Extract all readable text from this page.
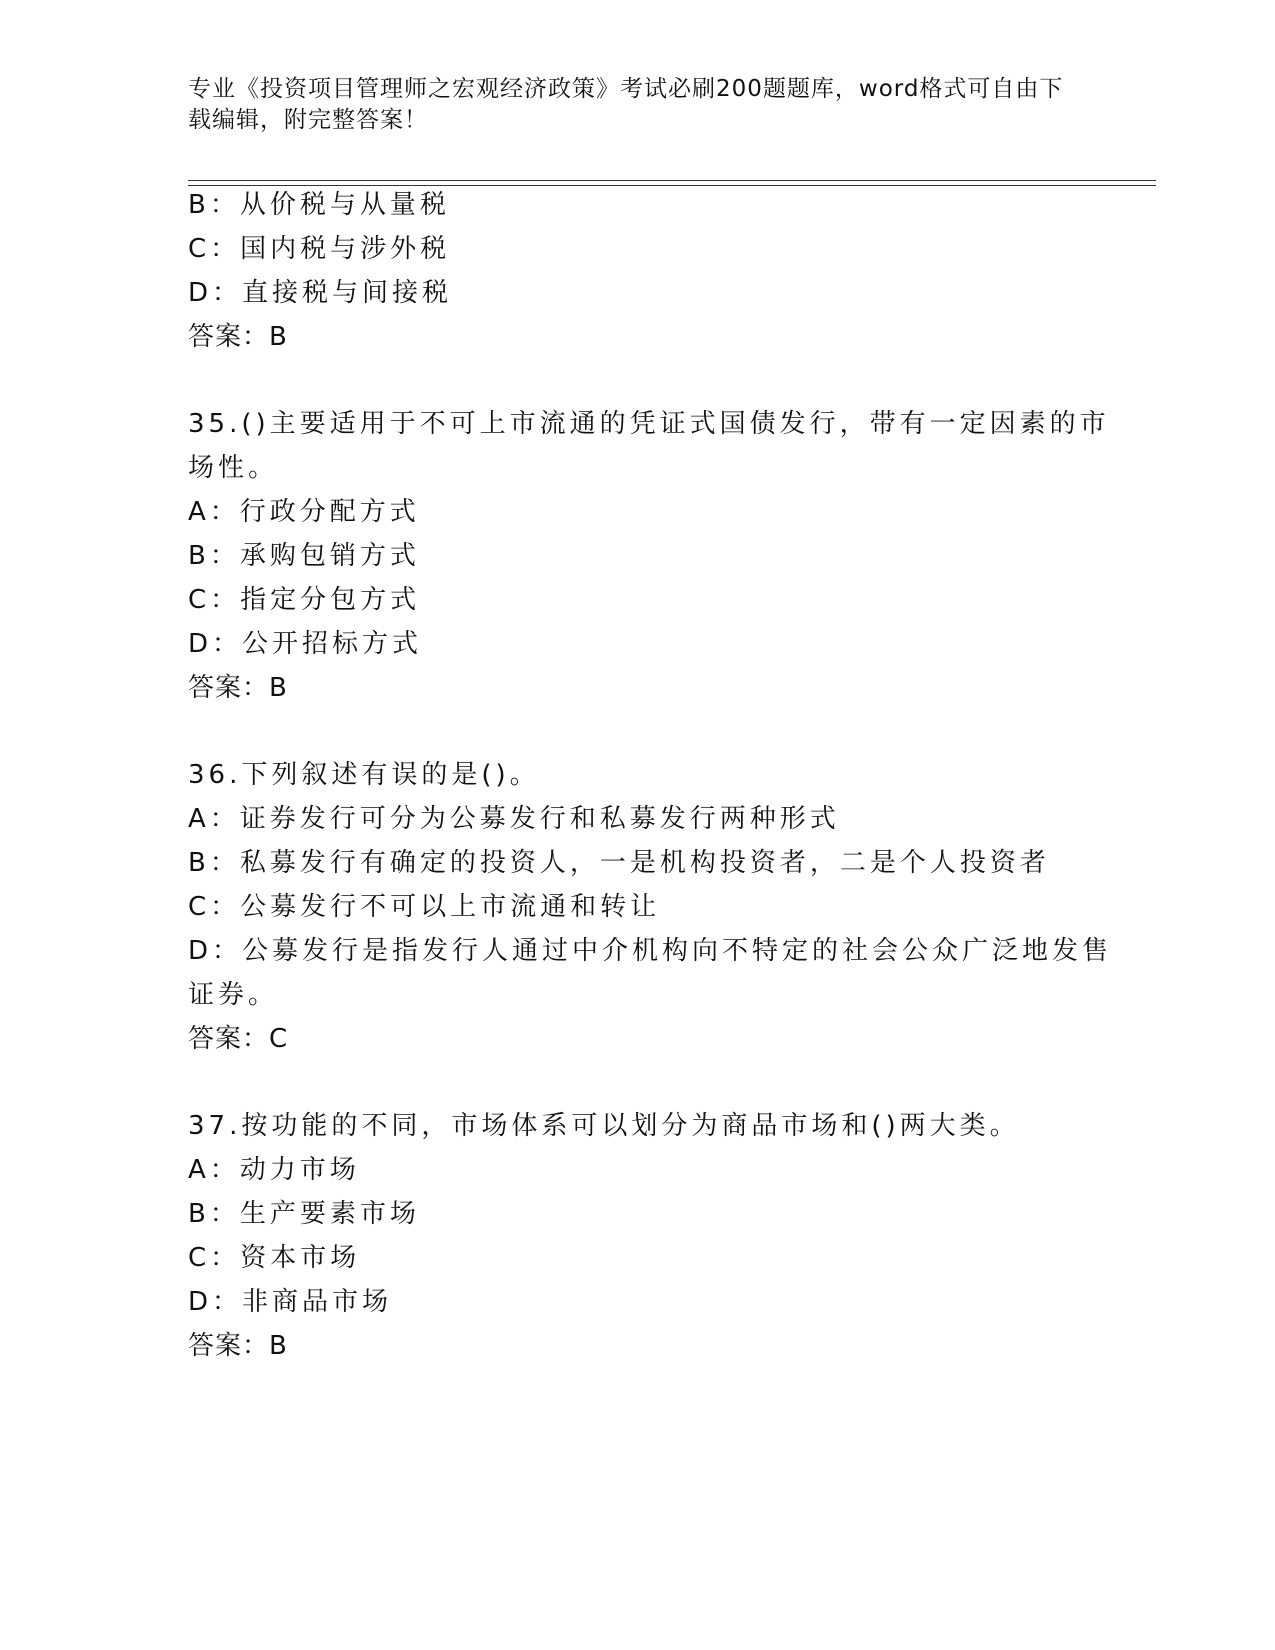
专业《投资项目管理师之宏观经济政策》考试必刷200题题库，word格式可自由下载编辑，附完整答案！
B：从价税与从量税
C：国内税与涉外税
D：直接税与间接税
答案：B
35.()主要适用于不可上市流通的凭证式国债发行，带有一定因素的市
场性。
A：行政分配方式
B：承购包销方式
C：指定分包方式
D：公开招标方式
答案：B
36.下列叙述有误的是()。
A：证券发行可分为公募发行和私募发行两种形式
B：私募发行有确定的投资人，一是机构投资者，二是个人投资者
C：公募发行不可以上市流通和转让
D：公募发行是指发行人通过中介机构向不特定的社会公众广泛地发售
证券。
答案：C
37.按功能的不同，市场体系可以划分为商品市场和()两大类。
A：动力市场
B：生产要素市场
C：资本市场
D：非商品市场
答案：B
